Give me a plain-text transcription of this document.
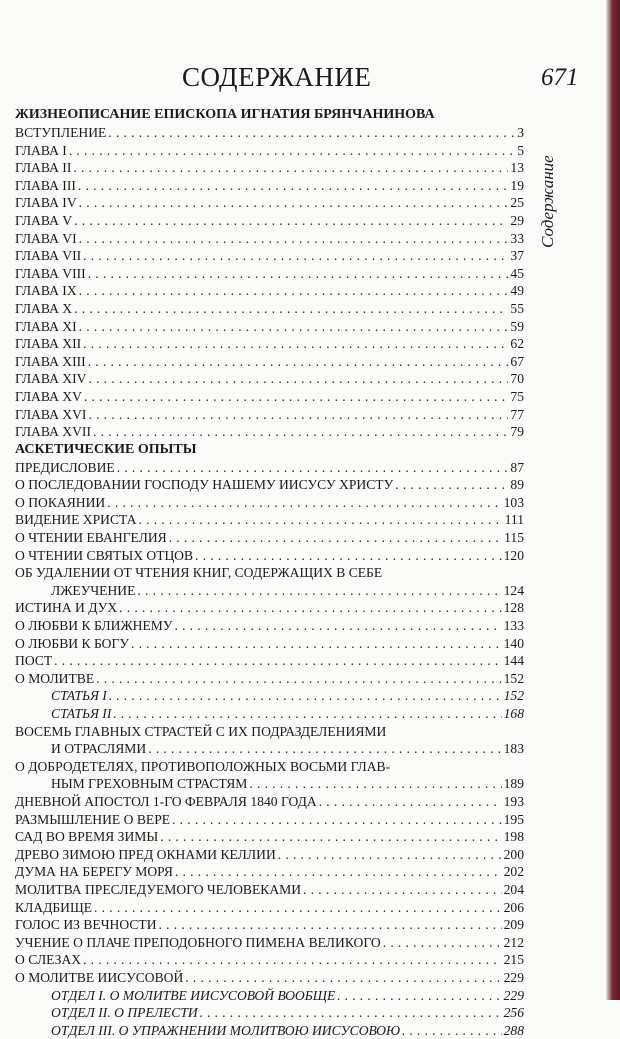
СОДЕРЖАНИЕ	671
Содержание
ЖИЗНЕОПИСАНИЕ ЕПИСКОПА ИГНАТИЯ БРЯНЧАНИНОВА
ВСТУПЛЕНИЕ . . .	3
ГЛАВА I . . .	5
ГЛАВА II . . .	13
ГЛАВА III . . .	19
ГЛАВА IV . . .	25
ГЛАВА V . . .	29
ГЛАВА VI . . .	33
ГЛАВА VII . . .	37
ГЛАВА VIII . . .	45
ГЛАВА IX . . .	49
ГЛАВА X . . .	55
ГЛАВА XI . . .	59
ГЛАВА XII . . .	62
ГЛАВА XIII . . .	67
ГЛАВА XIV . . .	70
ГЛАВА XV . . .	75
ГЛАВА XVI . . .	77
ГЛАВА XVII . . .	79
АСКЕТИЧЕСКИЕ ОПЫТЫ
ПРЕДИСЛОВИЕ . . .	87
О ПОСЛЕДОВАНИИ ГОСПОДУ НАШЕМУ ИИСУСУ ХРИСТУ . . .	89
О ПОКАЯНИИ . . .	103
ВИДЕНИЕ ХРИСТА . . .	111
О ЧТЕНИИ ЕВАНГЕЛИЯ . . .	115
О ЧТЕНИИ СВЯТЫХ ОТЦОВ . . .	120
ОБ УДАЛЕНИИ ОТ ЧТЕНИЯ КНИГ, СОДЕРЖАЩИХ В СЕБЕ
ЛЖЕУЧЕНИЕ . . .	124
ИСТИНА И ДУХ . . .	128
О ЛЮБВИ К БЛИЖНЕМУ . . .	133
О ЛЮБВИ К БОГУ . . .	140
ПОСТ . . .	144
О МОЛИТВЕ . . .	152
СТАТЬЯ I . . .	152
СТАТЬЯ II . . .	168
ВОСЕМЬ ГЛАВНЫХ СТРАСТЕЙ С ИХ ПОДРАЗДЕЛЕНИЯМИ
И ОТРАСЛЯМИ . . .	183
О ДОБРОДЕТЕЛЯХ, ПРОТИВОПОЛОЖНЫХ ВОСЬМИ ГЛАВ-
НЫМ ГРЕХОВНЫМ СТРАСТЯМ . . .	189
ДНЕВНОЙ АПОСТОЛ 1-ГО ФЕВРАЛЯ 1840 ГОДА . . .	193
РАЗМЫШЛЕНИЕ О ВЕРЕ . . .	195
САД ВО ВРЕМЯ ЗИМЫ . . .	198
ДРЕВО ЗИМОЮ ПРЕД ОКНАМИ КЕЛЛИИ . . .	200
ДУМА НА БЕРЕГУ МОРЯ . . .	202
МОЛИТВА ПРЕСЛЕДУЕМОГО ЧЕЛОВЕКАМИ . . .	204
КЛАДБИЩЕ . . .	206
ГОЛОС ИЗ ВЕЧНОСТИ . . .	209
УЧЕНИЕ О ПЛАЧЕ ПРЕПОДОБНОГО ПИМЕНА ВЕЛИКОГО . . .	212
О СЛЕЗАХ . . .	215
О МОЛИТВЕ ИИСУСОВОЙ . . .	229
ОТДЕЛ I. О МОЛИТВЕ ИИСУСОВОЙ ВООБЩЕ . . .	229
ОТДЕЛ II. О ПРЕЛЕСТИ . . .	256
ОТДЕЛ III. О УПРАЖНЕНИИ МОЛИТВОЮ ИИСУСОВОЮ . . .	288
